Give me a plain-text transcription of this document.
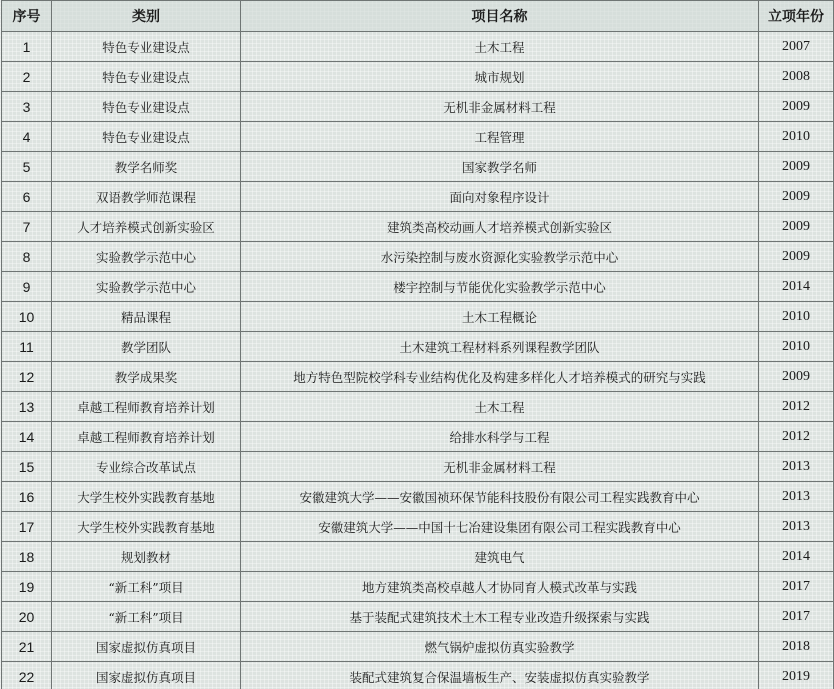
序号	类别	项目名称	立项年份
1	特色专业建设点	土木工程	2007
2	特色专业建设点	城市规划	2008
3	特色专业建设点	无机非金属材料工程	2009
4	特色专业建设点	工程管理	2010
5	教学名师奖	国家教学名师	2009
6	双语教学师范课程	面向对象程序设计	2009
7	人才培养模式创新实验区	建筑类高校动画人才培养模式创新实验区	2009
8	实验教学示范中心	水污染控制与废水资源化实验教学示范中心	2009
9	实验教学示范中心	楼宇控制与节能优化实验教学示范中心	2014
10	精品课程	土木工程概论	2010
11	教学团队	土木建筑工程材料系列课程教学团队	2010
12	教学成果奖	地方特色型院校学科专业结构优化及构建多样化人才培养模式的研究与实践	2009
13	卓越工程师教育培养计划	土木工程	2012
14	卓越工程师教育培养计划	给排水科学与工程	2012
15	专业综合改革试点	无机非金属材料工程	2013
16	大学生校外实践教育基地	安徽建筑大学——安徽国祯环保节能科技股份有限公司工程实践教育中心	2013
17	大学生校外实践教育基地	安徽建筑大学——中国十七冶建设集团有限公司工程实践教育中心	2013
18	规划教材	建筑电气	2014
19	“新工科”项目	地方建筑类高校卓越人才协同育人模式改革与实践	2017
20	“新工科”项目	基于装配式建筑技术土木工程专业改造升级探索与实践	2017
21	国家虚拟仿真项目	燃气锅炉虚拟仿真实验教学	2018
22	国家虚拟仿真项目	装配式建筑复合保温墙板生产、安装虚拟仿真实验教学	2019
